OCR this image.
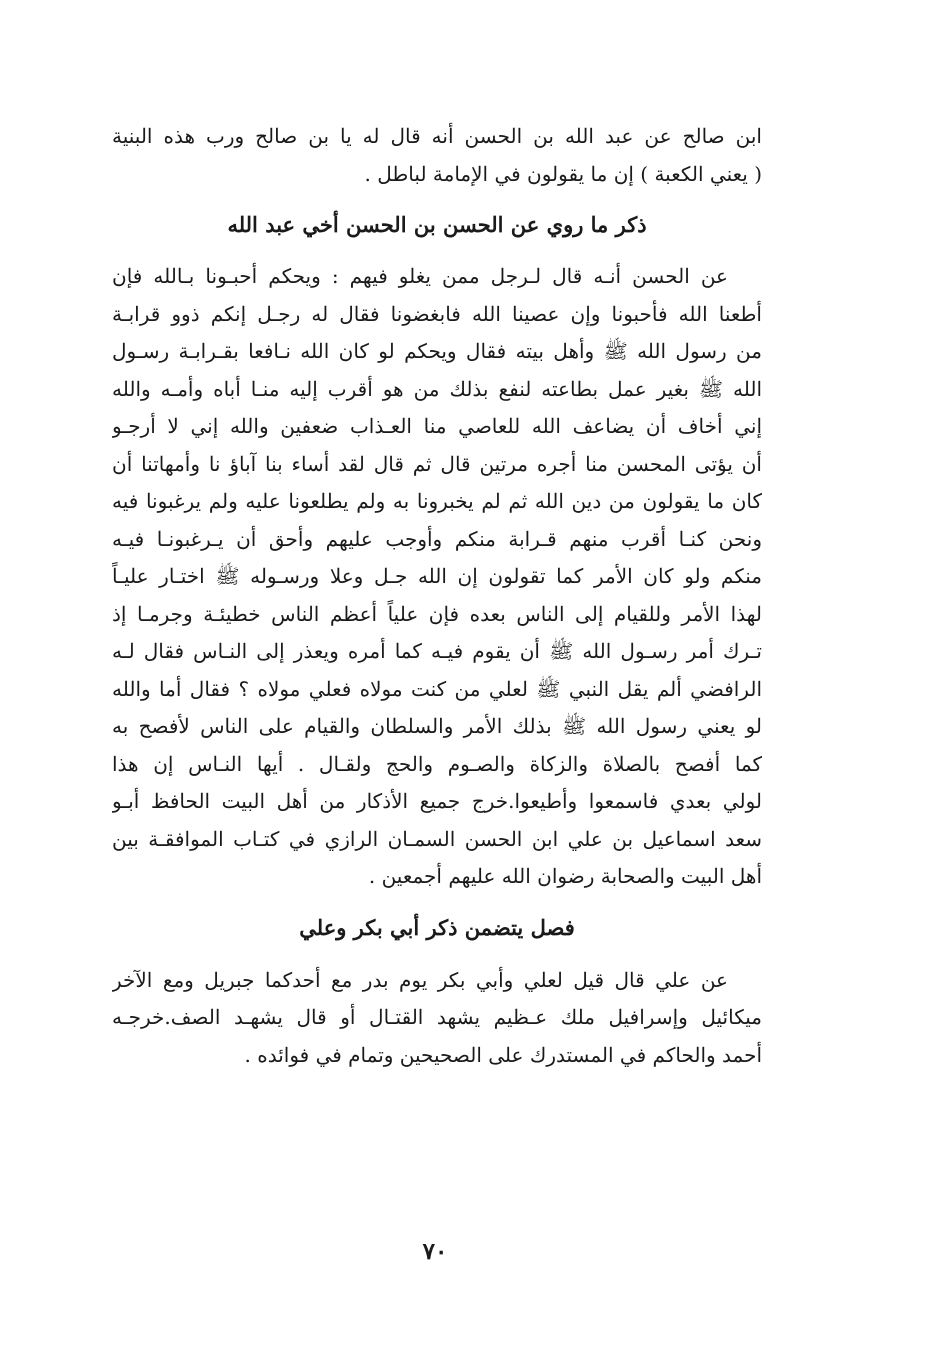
ابن صالح عن عبد الله بن الحسن أنه قال له يا بن صالح ورب هذه البنية
( يعني الكعبة ) إن ما يقولون في الإمامة لباطل .

ذكر ما روي عن الحسن بن الحسن أخي عبد الله

عن الحسن أنـه قال لـرجل ممن يغلو فيهم : ويحكم أحبـونا بـالله فإن
أطعنا الله فأحبونا وإن عصينا الله فابغضونا فقال له رجـل إنكم ذوو قرابـة
من رسول الله ﷺ وأهل بيته فقال ويحكم لو كان الله نـافعا بقـرابـة رسـول
الله ﷺ بغير عمل بطاعته لنفع بذلك من هو أقرب إليه منـا أباه وأمـه والله
إني أخاف أن يضاعف الله للعاصي منا العـذاب ضعفين والله إني لا أرجـو
أن يؤتى المحسن منا أجره مرتين قال ثم قال لقد أساء بنا آباؤ نا وأمهاتنا أن
كان ما يقولون من دين الله ثم لم يخبرونا به ولم يطلعونا عليه ولم يرغبونا فيه
ونحن كنـا أقرب منهم قـرابة منكم وأوجب عليهم وأحق أن يـرغبونـا فيـه
منكم ولو كان الأمر كما تقولون إن الله جـل وعلا ورسـوله ﷺ اختـار عليـاً
لهذا الأمر وللقيام إلى الناس بعده فإن علياً أعظم الناس خطيئـة وجرمـا إذ
تـرك أمر رسـول الله ﷺ أن يقوم فيـه كما أمره ويعذر إلى النـاس فقال لـه
الرافضي ألم يقل النبي ﷺ لعلي من كنت مولاه فعلي مولاه ؟ فقال أما والله
لو يعني رسول الله ﷺ بذلك الأمر والسلطان والقيام على الناس لأفصح به
كما أفصح بالصلاة والزكاة والصـوم والحج ولقـال . أيها النـاس إن هذا
لولي بعدي فاسمعوا وأطيعوا.خرج جميع الأذكار من أهل البيت الحافظ أبـو
سعد اسماعيل بن علي ابن الحسن السمـان الرازي في كتـاب الموافقـة بين
أهل البيت والصحابة رضوان الله عليهم أجمعين .

فصل يتضمن ذكر أبي بكر وعلي

عن علي قال قيل لعلي وأبي بكر يوم بدر مع أحدكما جبريل ومع الآخر
ميكائيل وإسرافيل ملك عـظيم يشهد القتـال أو قال يشهـد الصف.خرجـه
أحمد والحاكم في المستدرك على الصحيحين وتمام في فوائده .

٧٠
